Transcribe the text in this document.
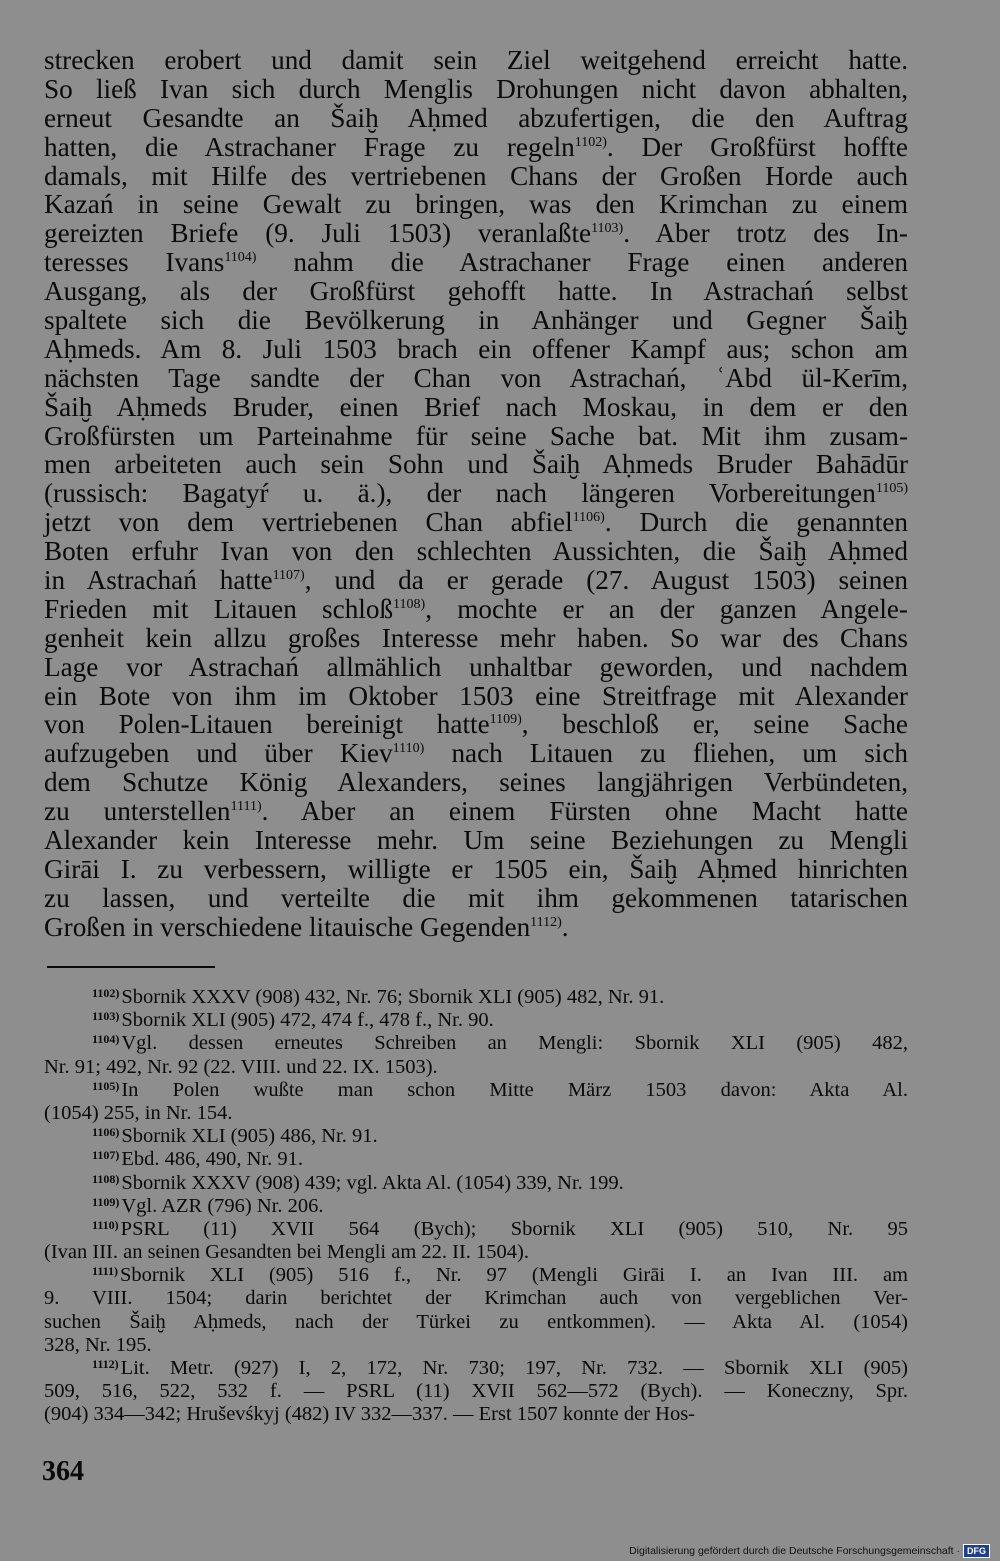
strecken erobert und damit sein Ziel weitgehend erreicht hatte.
So ließ Ivan sich durch Menglis Drohungen nicht davon abhalten,
erneut Gesandte an Šaiḫ Aḥmed abzufertigen, die den Auftrag
hatten, die Astrachaner Frage zu regeln$^{1102)}$. Der Großfürst hoffte
damals, mit Hilfe des vertriebenen Chans der Großen Horde auch
Kazań in seine Gewalt zu bringen, was den Krimchan zu einem
gereizten Briefe (9. Juli 1503) veranlaßte$^{1103)}$. Aber trotz des In-
teresses Ivans$^{1104)}$ nahm die Astrachaner Frage einen anderen
Ausgang, als der Großfürst gehofft hatte. In Astrachań selbst
spaltete sich die Bevölkerung in Anhänger und Gegner Šaiḫ
Aḥmeds. Am 8. Juli 1503 brach ein offener Kampf aus; schon am
nächsten Tage sandte der Chan von Astrachań, ʿAbd ül-Kerīm,
Šaiḫ Aḥmeds Bruder, einen Brief nach Moskau, in dem er den
Großfürsten um Parteinahme für seine Sache bat. Mit ihm zusam-
men arbeiteten auch sein Sohn und Šaiḫ Aḥmeds Bruder Bahādūr
(russisch: Bagatyŕ u. ä.), der nach längeren Vorbereitungen$^{1105)}$
jetzt von dem vertriebenen Chan abfiel$^{1106)}$. Durch die genannten
Boten erfuhr Ivan von den schlechten Aussichten, die Šaiḫ Aḥmed
in Astrachań hatte$^{1107)}$, und da er gerade (27. August 1503) seinen
Frieden mit Litauen schloß$^{1108)}$, mochte er an der ganzen Angele-
genheit kein allzu großes Interesse mehr haben. So war des Chans
Lage vor Astrachań allmählich unhaltbar geworden, und nachdem
ein Bote von ihm im Oktober 1503 eine Streitfrage mit Alexander
von Polen-Litauen bereinigt hatte$^{1109)}$, beschloß er, seine Sache
aufzugeben und über Kiev$^{1110)}$ nach Litauen zu fliehen, um sich
dem Schutze König Alexanders, seines langjährigen Verbündeten,
zu unterstellen$^{1111)}$. Aber an einem Fürsten ohne Macht hatte
Alexander kein Interesse mehr. Um seine Beziehungen zu Mengli
Girāi I. zu verbessern, willigte er 1505 ein, Šaiḫ Aḥmed hinrichten
zu lassen, und verteilte die mit ihm gekommenen tatarischen
Großen in verschiedene litauische Gegenden$^{1112)}$.
$^{1102)}$Sbornik XXXV (908) 432, Nr. 76; Sbornik XLI (905) 482, Nr. 91.
$^{1103)}$Sbornik XLI (905) 472, 474 f., 478 f., Nr. 90.
$^{1104)}$Vgl. dessen erneutes Schreiben an Mengli: Sbornik XLI (905) 482,
Nr. 91; 492, Nr. 92 (22. VIII. und 22. IX. 1503).
$^{1105)}$In Polen wußte man schon Mitte März 1503 davon: Akta Al.
(1054) 255, in Nr. 154.
$^{1106)}$Sbornik XLI (905) 486, Nr. 91.
$^{1107)}$Ebd. 486, 490, Nr. 91.
$^{1108)}$Sbornik XXXV (908) 439; vgl. Akta Al. (1054) 339, Nr. 199.
$^{1109)}$Vgl. AZR (796) Nr. 206.
$^{1110)}$PSRL (11) XVII 564 (Bych); Sbornik XLI (905) 510, Nr. 95
(Ivan III. an seinen Gesandten bei Mengli am 22. II. 1504).
$^{1111)}$Sbornik XLI (905) 516 f., Nr. 97 (Mengli Girāi I. an Ivan III. am
9. VIII. 1504; darin berichtet der Krimchan auch von vergeblichen Ver-
suchen Šaiḫ Aḥmeds, nach der Türkei zu entkommen). — Akta Al. (1054)
328, Nr. 195.
$^{1112)}$Lit. Metr. (927) I, 2, 172, Nr. 730; 197, Nr. 732. — Sbornik XLI (905)
509, 516, 522, 532 f. — PSRL (11) XVII 562—572 (Bych). — Koneczny, Spr.
(904) 334—342; Hruševśkyj (482) IV 332—337. — Erst 1507 konnte der Hos-
364
Digitalisierung gefördert durch die Deutsche Forschungsgemeinschaft · DFG
